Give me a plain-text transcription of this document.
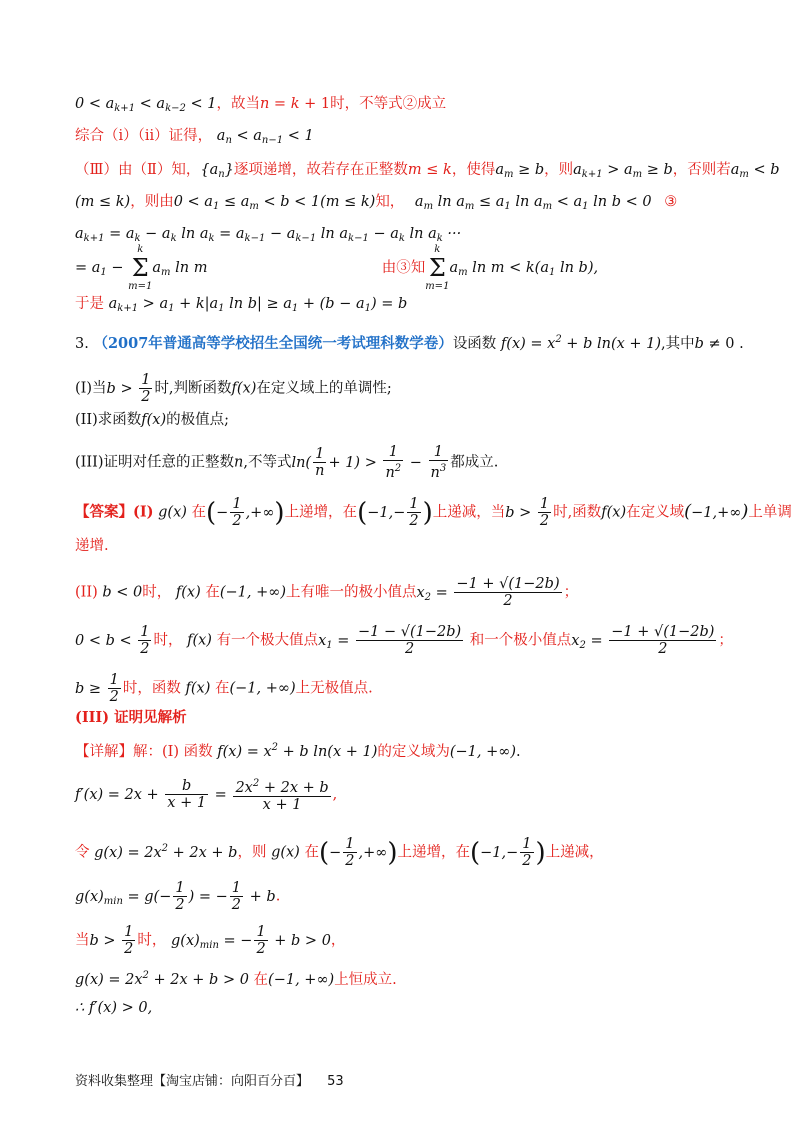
$0 < a_{k+1} < a_{k-2} < 1$，故当n = k + 1时，不等式②成立
综合（ⅰ）（ⅱ）证得， $a_n < a_{n-1} < 1$
（Ⅲ）由（Ⅱ）知，$\{a_n\}$逐项递增，故若存在正整数m ≤ k，使得$a_m \ge b$，则$a_{k+1} > a_m \ge b$，否则若$a_m < b$
(m ≤ k)，则由$0 < a_1 \le a_m < b < 1(m \le k)$知， $a_m$ $\ln a_m \le a_1$ $\ln a_m < a_1$ ln b < 0 ③
$a_{k+1} = a_k - a_k$ $\ln a_k = a_{k-1} - a_{k-1}$ $\ln a_{k-1} - a_k$ $\ln a_k$ ···
= $a_1$ −
k
Σ
m=1
$a_m$ ln m	由③知
k
Σ
m=1
$a_m$ $\ln m < k(a_1$ ln b),
于是 $a_{k+1} > a_1 + k|a_1$ $\ln b| \ge a_1 + (b - a_1) = b$
3. （2007年普通高等学校招生全国统一考试理科数学卷）设函数 $f(x) = x^2 + b$ ln(x + 1),其中b ≠ 0 .
(I)当$b > \frac{1}{2}$ 时,判断函数f(x)在定义域上的单调性;
(II)求函数f(x)的极值点;
(III)证明对任意的正整数n,不等式$\ln( \frac{1}{n} + 1) > \frac{1}{n^2} - \frac{1}{n^3}$ 都成立.
【答案】(I) g(x) 在(− $\frac{1}{2}$ ,+∞)上递增，在($-1,- \frac{1}{2}$ )上递减，当$b > \frac{1}{2}$ 时,函数f(x)在定义域(−1,+∞)上单调
递增.
(II) b < 0时， f(x) 在(−1, +∞)上有唯一的极小值点$x_2 = \frac{-1 + √(1-2b)}{2}$ ；
$0 < b < \frac{1}{2}$ 时， f(x) 有一个极大值点$x_1 = \frac{-1 - √(1-2b)}{2}$ 和一个极小值点$x_2 = \frac{-1 + √(1-2b)}{2}$ ；
$b \ge \frac{1}{2}$ 时，函数 f(x) 在(−1, +∞)上无极值点.
(III) 证明见解析
【详解】解：(I) 函数 $f(x) = x^2 + b$ ln(x + 1)的定义域为(−1, +∞).
$f'(x) = 2x + \frac{b}{x + 1} = \frac{2x^2 + 2x + b}{x + 1}$ ,
令 $g(x) = 2x^2 + 2x + b$，则 g(x) 在(− $\frac{1}{2}$ ,+∞)上递增，在($-1,- \frac{1}{2}$ )上递减，
$g(x)_{min} = g(- \frac{1}{2}$ ) = − $\frac{1}{2} + b$.
当$b > \frac{1}{2}$ 时， $g(x)_{min}$ = − $\frac{1}{2} + b > 0$，
$g(x) = 2x^2 + 2x + b > 0$ 在(−1, +∞)上恒成立.
∴ f′(x) > 0,
资料收集整理【淘宝店铺：向阳百分百】 53
